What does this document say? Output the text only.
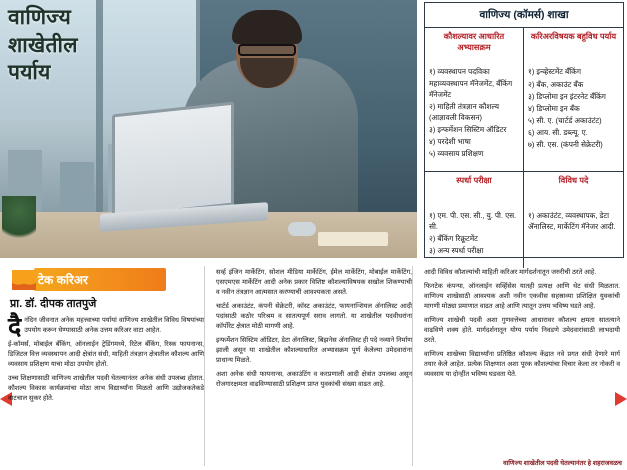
वाणिज्य
शाखेतील
पर्याय
वाणिज्य (कॉमर्स) शाखा
कौशल्यावर आधारित अभ्यासक्रम
१) व्यवस्थापन पदविका महाव्यवस्थापन मॅनेजमेंट, बँकिंग मॅनेजमेंट
२) माहिती तंत्रज्ञान कौशल्य (आज्ञावली विकसन)
३) इन्फर्मेशन सिस्टिम ऑडिटर
४) परदेशी भाषा
५) व्यवसाय प्रशिक्षण
करिअरविषयक बहुविध पर्याय
१) इन्व्हेस्टमेंट बँकिंग
२) बँक, अकाउंट बँक
३) डिप्लोमा इन इंटरनेट बँकिंग
४) डिप्लोमा इन बँक
५) सी. ए. (चार्टर्ड अकाउंटंट)
६) आय. सी. डब्ल्यू. ए.
७) सी. एस. (कंपनी सेक्रेटरी)
स्पर्धा परीक्षा
१) एम. पी. एस. सी., यु. पी. एस. सी.
२) बँकिंग रिक्रूटमेंट
३) अन्य स्पर्धा परीक्षा
विविध पदे
१) अकाउंटंट, व्यवस्थापक, डेटा ॲनालिस्ट, मार्केटिंग मॅनेजर आदी.
टेक करिअर
प्रा. डॉ. दीपक तातपुजे

दैनंदिन जीवनात अनेक महत्त्वाच्या पर्यायां वाणिज्य शाखेतील विविध विषयांच्या उपयोग करून घेण्यासाठी अनेक उत्तम करिअर वाटा आहेत.

ई-कॉमर्स, मोबाईल बँकिंग, ऑनलाईन ट्रेडिंगमध्ये, रिटेल बँकिंग, रिस्क फायनान्स, डिजिटल वित्त व्यवस्थापन आदी क्षेत्रांत संधी, माहिती तंत्रज्ञान क्षेत्रातील कौशल्य आणि व्यवसाय प्रशिक्षण याचा मोठा उपयोग होतो.

उच्च शिक्षणासाठी वाणिज्य शाखेतील पदवी घेतल्यानंतर अनेक संधी उपलब्ध होतात. कौशल्य विकास कार्यक्रमांचा मोठा लाभ विद्यार्थ्यांना मिळतो आणि उद्योजकतेकडे वाटचाल सुकर होते.

सर्व्ह इंजिन मार्केटिंग, सोशल मीडिया मार्केटिंग, ईमेल मार्केटिंग, मोबाईल मार्केटिंग, एसएमएस मार्केटिंग आदी अनेक प्रकार विशिष्ट कौशल्याविषयक सखोल शिकण्याची व नवीन तंत्रज्ञान आत्मसात करण्याची आवश्यकता असते.

चार्टर्ड अकाउंटंट, कंपनी सेक्रेटरी, कॉस्ट अकाउंटंट, फायनान्शियल ॲनालिस्ट आदी पदांसाठी कठोर परिश्रम व सातत्यपूर्ण सराव लागतो. या शाखेतील पदवीधरांना कॉर्पोरेट क्षेत्रात मोठी मागणी आहे.

इन्फर्मेशन सिस्टिम ऑडिटर, डेटा ॲनालिस्ट, बिझनेस ॲनालिस्ट ही पदे नव्याने निर्माण झाली असून या शाखेतील कौशल्याधारित अभ्यासक्रम पूर्ण केलेल्या उमेदवारांना प्राधान्य मिळते.

अशा अनेक संधी फायनान्स, अकाउंटिंग व करप्रणाली आदी क्षेत्रांत उपलब्ध असून रोजगारक्षमता वाढविण्यासाठी प्रशिक्षण प्राप्त युवकांची संख्या वाढत आहे.

आदी विविध कौशल्यांची माहिती करिअर मार्गदर्शनातून जरुरीची ठरते आहे.

फिनटेक कंपन्या, ऑनलाईन सर्व्हिसेस यातही प्रत्यक्ष आणि थेट संधी मिळतात. वाणिज्य शाखेसाठी आवश्यक अशी नवीन एकवीस सहस्राव्या प्रशिक्षित युवकांची मागणी मोठ्या प्रमाणात वाढत आहे आणि त्यातून उत्तम भविष्य घडते आहे.

वाणिज्य शाखेची पदवी अशा गुणवत्तेच्या आधारावर कौशल्य क्षमता सातत्याने वाढविणे शक्य होते. मार्गदर्शनातून योग्य पर्याय निवडणे उमेदवारांसाठी लाभदायी ठरते.

वाणिज्य शाखेच्या विद्यार्थ्यांना प्रतिष्ठित कौशल्य केंद्रात नवे प्रगत संधी देणारे मार्ग तयार केले आहेत. प्रत्येक शिक्षणात अशा पूरक कौशल्यांचा विचार केला तर नोकरी व व्यवसाय या दोन्हींत भविष्य घडवता येते.

वाणिज्य शाखेतील पदवी घेतल्यानंतर हे शहराजवळच
